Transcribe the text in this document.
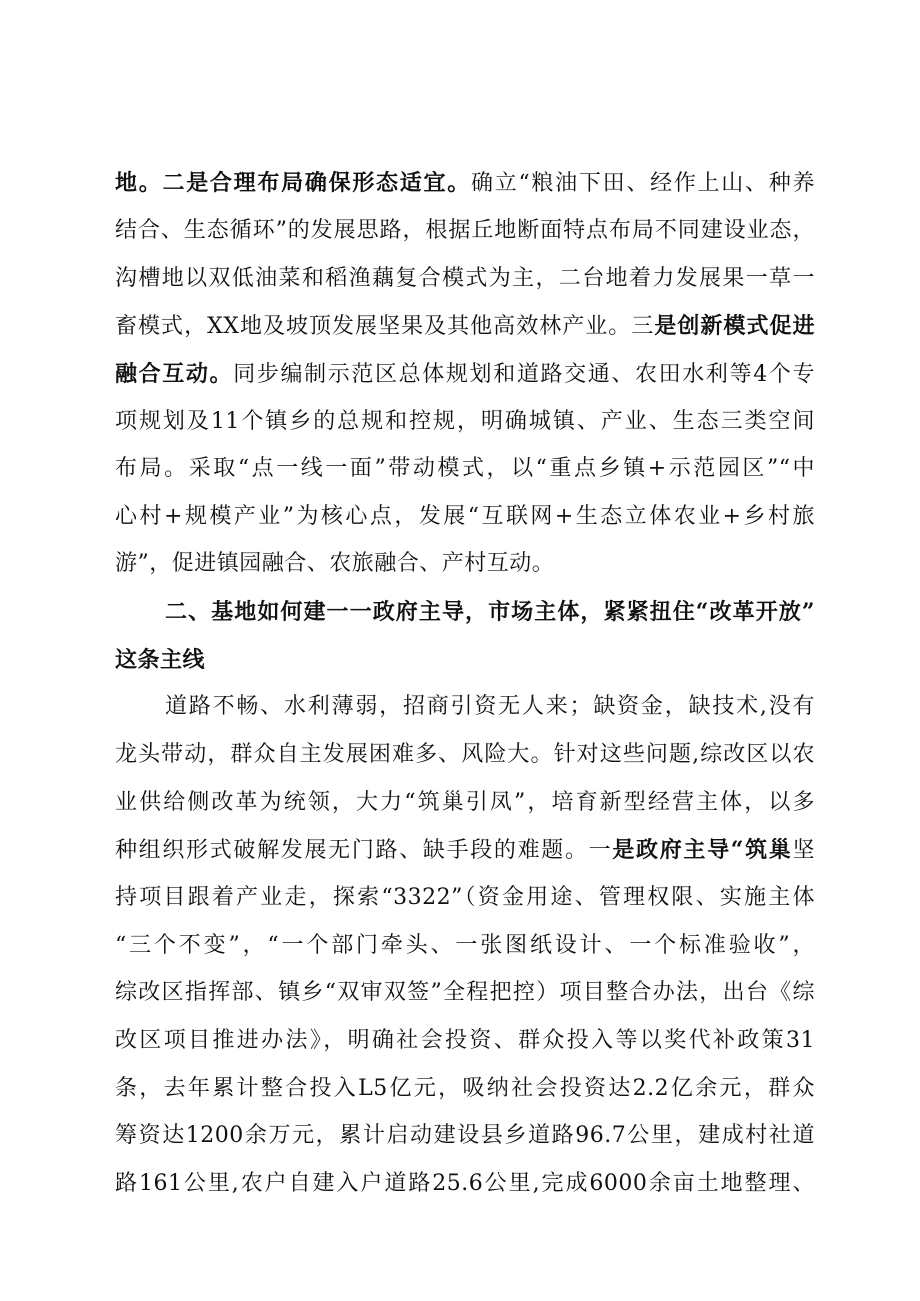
地。二是合理布局确保形态适宜。确立“粮油下田、经作上山、种养
结合、生态循环”的发展思路，根据丘地断面特点布局不同建设业态，
沟槽地以双低油菜和稻渔藕复合模式为主，二台地着力发展果一草一
畜模式，XX地及坡顶发展坚果及其他高效林产业。三是创新模式促进
融合互动。同步编制示范区总体规划和道路交通、农田水利等4个专
项规划及11个镇乡的总规和控规，明确城镇、产业、生态三类空间
布局。采取“点一线一面”带动模式，以“重点乡镇+示范园区”“中
心村+规模产业”为核心点，发展“互联网+生态立体农业+乡村旅
游”，促进镇园融合、农旅融合、产村互动。
二、基地如何建一一政府主导，市场主体，紧紧扭住“改革开放”
这条主线
道路不畅、水利薄弱，招商引资无人来；缺资金，缺技术,没有
龙头带动，群众自主发展困难多、风险大。针对这些问题,综改区以农
业供给侧改革为统领，大力“筑巢引凤”，培育新型经营主体，以多
种组织形式破解发展无门路、缺手段的难题。一是政府主导“筑巢坚
持项目跟着产业走，探索“3322”（资金用途、管理权限、实施主体
“三个不变”，“一个部门牵头、一张图纸设计、一个标准验收”，
综改区指挥部、镇乡“双审双签”全程把控）项目整合办法，出台《综
改区项目推进办法》，明确社会投资、群众投入等以奖代补政策31
条，去年累计整合投入L5亿元，吸纳社会投资达2.2亿余元，群众
筹资达1200余万元，累计启动建设县乡道路96.7公里，建成村社道
路161公里,农户自建入户道路25.6公里,完成6000余亩土地整理、
